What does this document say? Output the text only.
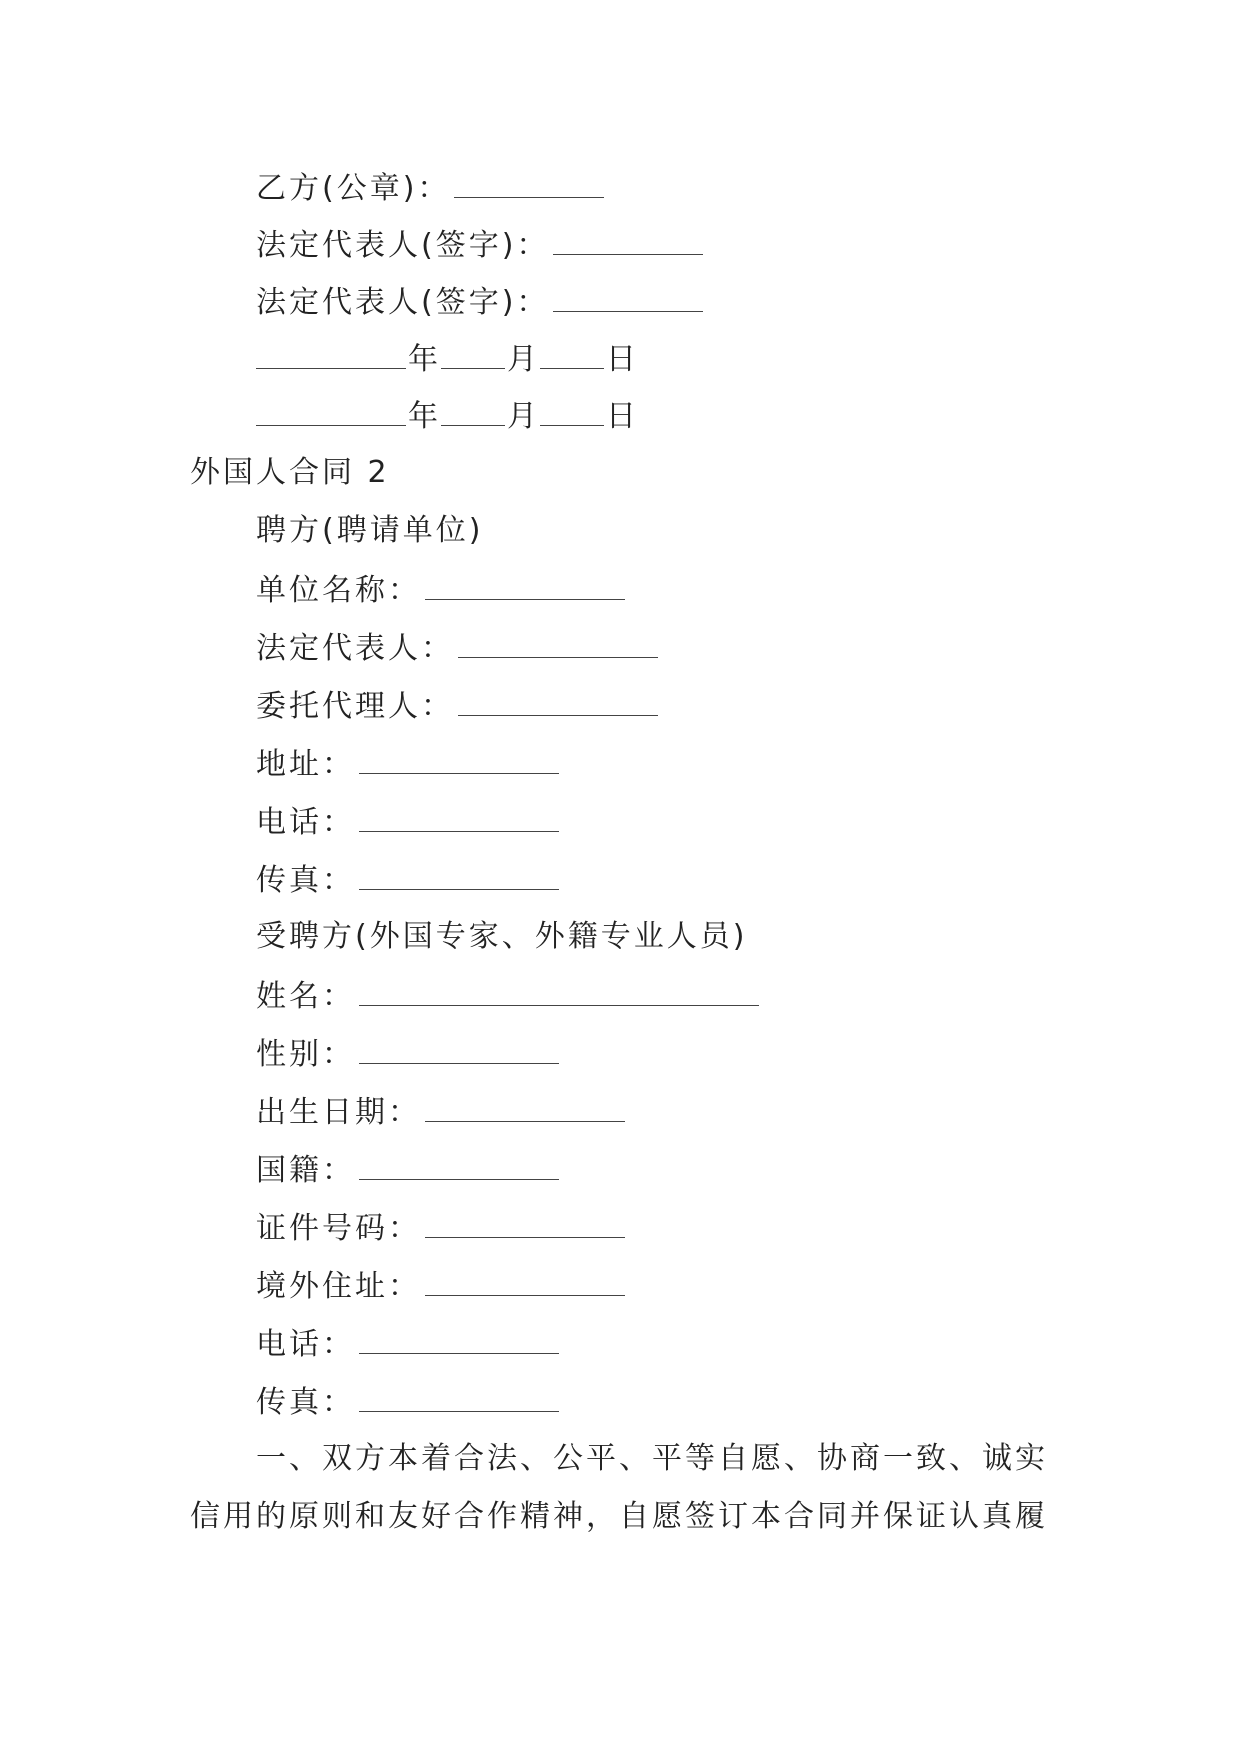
乙方(公章)：
法定代表人(签字)：
法定代表人(签字)：
年 月 日
年 月 日
外国人合同 2
聘方(聘请单位)
单位名称：
法定代表人：
委托代理人：
地址：
电话：
传真：
受聘方(外国专家、外籍专业人员)
姓名：
性别：
出生日期：
国籍：
证件号码：
境外住址：
电话：
传真：
一、双方本着合法、公平、平等自愿、协商一致、诚实信用的原则和友好合作精神，自愿签订本合同并保证认真履
